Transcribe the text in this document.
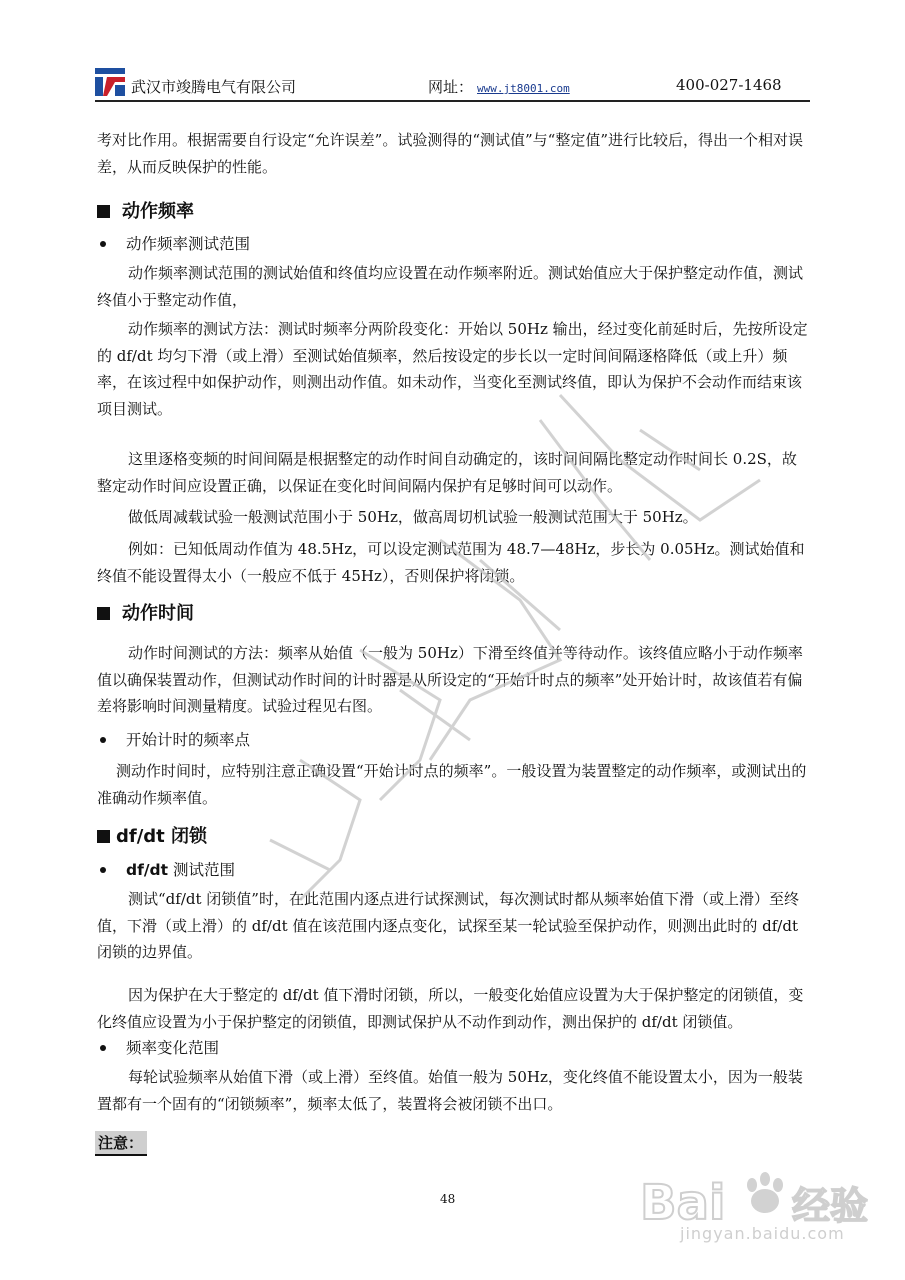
武汉市竣腾电气有限公司	网址： www.jt8001.com	400-027-1468
考对比作用。根据需要自行设定“允许误差”。试验测得的“测试值”与“整定值”进行比较后，得出一个相对误差，从而反映保护的性能。
动作频率
动作频率测试范围
动作频率测试范围的测试始值和终值均应设置在动作频率附近。测试始值应大于保护整定动作值，测试终值小于整定动作值，
动作频率的测试方法：测试时频率分两阶段变化：开始以 50Hz 输出，经过变化前延时后，先按所设定的 df/dt 均匀下滑（或上滑）至测试始值频率，然后按设定的步长以一定时间间隔逐格降低（或上升）频率，在该过程中如保护动作，则测出动作值。如未动作，当变化至测试终值，即认为保护不会动作而结束该项目测试。
这里逐格变频的时间间隔是根据整定的动作时间自动确定的，该时间间隔比整定动作时间长 0.2S，故整定动作时间应设置正确，以保证在变化时间间隔内保护有足够时间可以动作。
做低周减载试验一般测试范围小于 50Hz，做高周切机试验一般测试范围大于 50Hz。
例如：已知低周动作值为 48.5Hz，可以设定测试范围为 48.7—48Hz，步长为 0.05Hz。测试始值和终值不能设置得太小（一般应不低于 45Hz），否则保护将闭锁。
动作时间
动作时间测试的方法：频率从始值（一般为 50Hz）下滑至终值并等待动作。该终值应略小于动作频率值以确保装置动作，但测试动作时间的计时器是从所设定的“开始计时点的频率”处开始计时，故该值若有偏差将影响时间测量精度。试验过程见右图。
开始计时的频率点
测动作时间时，应特别注意正确设置“开始计时点的频率”。一般设置为装置整定的动作频率，或测试出的准确动作频率值。
df/dt 闭锁
df/dt 测试范围
测试“df/dt 闭锁值”时，在此范围内逐点进行试探测试，每次测试时都从频率始值下滑（或上滑）至终值，下滑（或上滑）的 df/dt 值在该范围内逐点变化，试探至某一轮试验至保护动作，则测出此时的 df/dt 闭锁的边界值。
因为保护在大于整定的 df/dt 值下滑时闭锁，所以，一般变化始值应设置为大于保护整定的闭锁值，变化终值应设置为小于保护整定的闭锁值，即测试保护从不动作到动作，测出保护的 df/dt 闭锁值。
频率变化范围
每轮试验频率从始值下滑（或上滑）至终值。始值一般为 50Hz，变化终值不能设置太小，因为一般装置都有一个固有的“闭锁频率”，频率太低了，装置将会被闭锁不出口。
注意：
48	Bai 经验
jingyan.baidu.com
